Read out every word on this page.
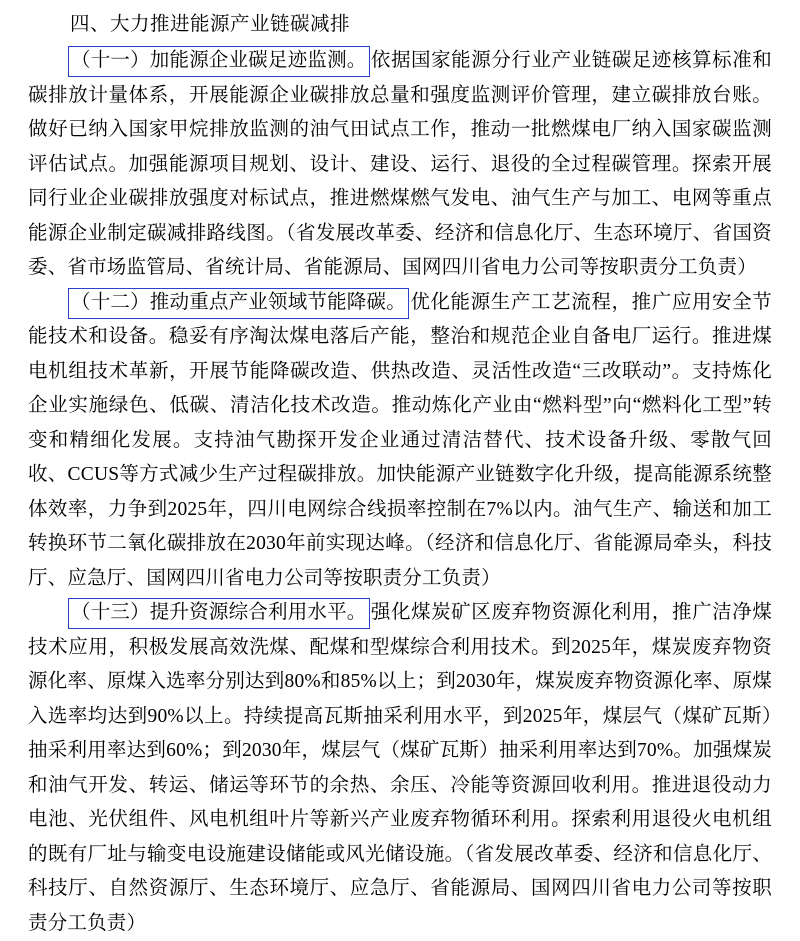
四、大力推进能源产业链碳减排

（十一）加能源企业碳足迹监测。 依据国家能源分行业产业链碳足迹核算标准和碳排放计量体系，开展能源企业碳排放总量和强度监测评价管理，建立碳排放台账。做好已纳入国家甲烷排放监测的油气田试点工作，推动一批燃煤电厂纳入国家碳监测评估试点。加强能源项目规划、设计、建设、运行、退役的全过程碳管理。探索开展同行业企业碳排放强度对标试点，推进燃煤燃气发电、油气生产与加工、电网等重点能源企业制定碳减排路线图。（省发展改革委、经济和信息化厅、生态环境厅、省国资委、省市场监管局、省统计局、省能源局、国网四川省电力公司等按职责分工负责）

（十二）推动重点产业领域节能降碳。 优化能源生产工艺流程，推广应用安全节能技术和设备。稳妥有序淘汰煤电落后产能，整治和规范企业自备电厂运行。推进煤电机组技术革新，开展节能降碳改造、供热改造、灵活性改造“三改联动”。支持炼化企业实施绿色、低碳、清洁化技术改造。推动炼化产业由“燃料型”向“燃料化工型”转变和精细化发展。支持油气勘探开发企业通过清洁替代、技术设备升级、零散气回收、CCUS等方式减少生产过程碳排放。加快能源产业链数字化升级，提高能源系统整体效率，力争到2025年，四川电网综合线损率控制在7%以内。油气生产、输送和加工转换环节二氧化碳排放在2030年前实现达峰。（经济和信息化厅、省能源局牵头，科技厅、应急厅、国网四川省电力公司等按职责分工负责）

（十三）提升资源综合利用水平。 强化煤炭矿区废弃物资源化利用，推广洁净煤技术应用，积极发展高效洗煤、配煤和型煤综合利用技术。到2025年，煤炭废弃物资源化率、原煤入选率分别达到80%和85%以上；到2030年，煤炭废弃物资源化率、原煤入选率均达到90%以上。持续提高瓦斯抽采利用水平，到2025年，煤层气（煤矿瓦斯）抽采利用率达到60%；到2030年，煤层气（煤矿瓦斯）抽采利用率达到70%。加强煤炭和油气开发、转运、储运等环节的余热、余压、冷能等资源回收利用。推进退役动力电池、光伏组件、风电机组叶片等新兴产业废弃物循环利用。探索利用退役火电机组的既有厂址与输变电设施建设储能或风光储设施。（省发展改革委、经济和信息化厅、科技厅、自然资源厅、生态环境厅、应急厅、省能源局、国网四川省电力公司等按职责分工负责）
